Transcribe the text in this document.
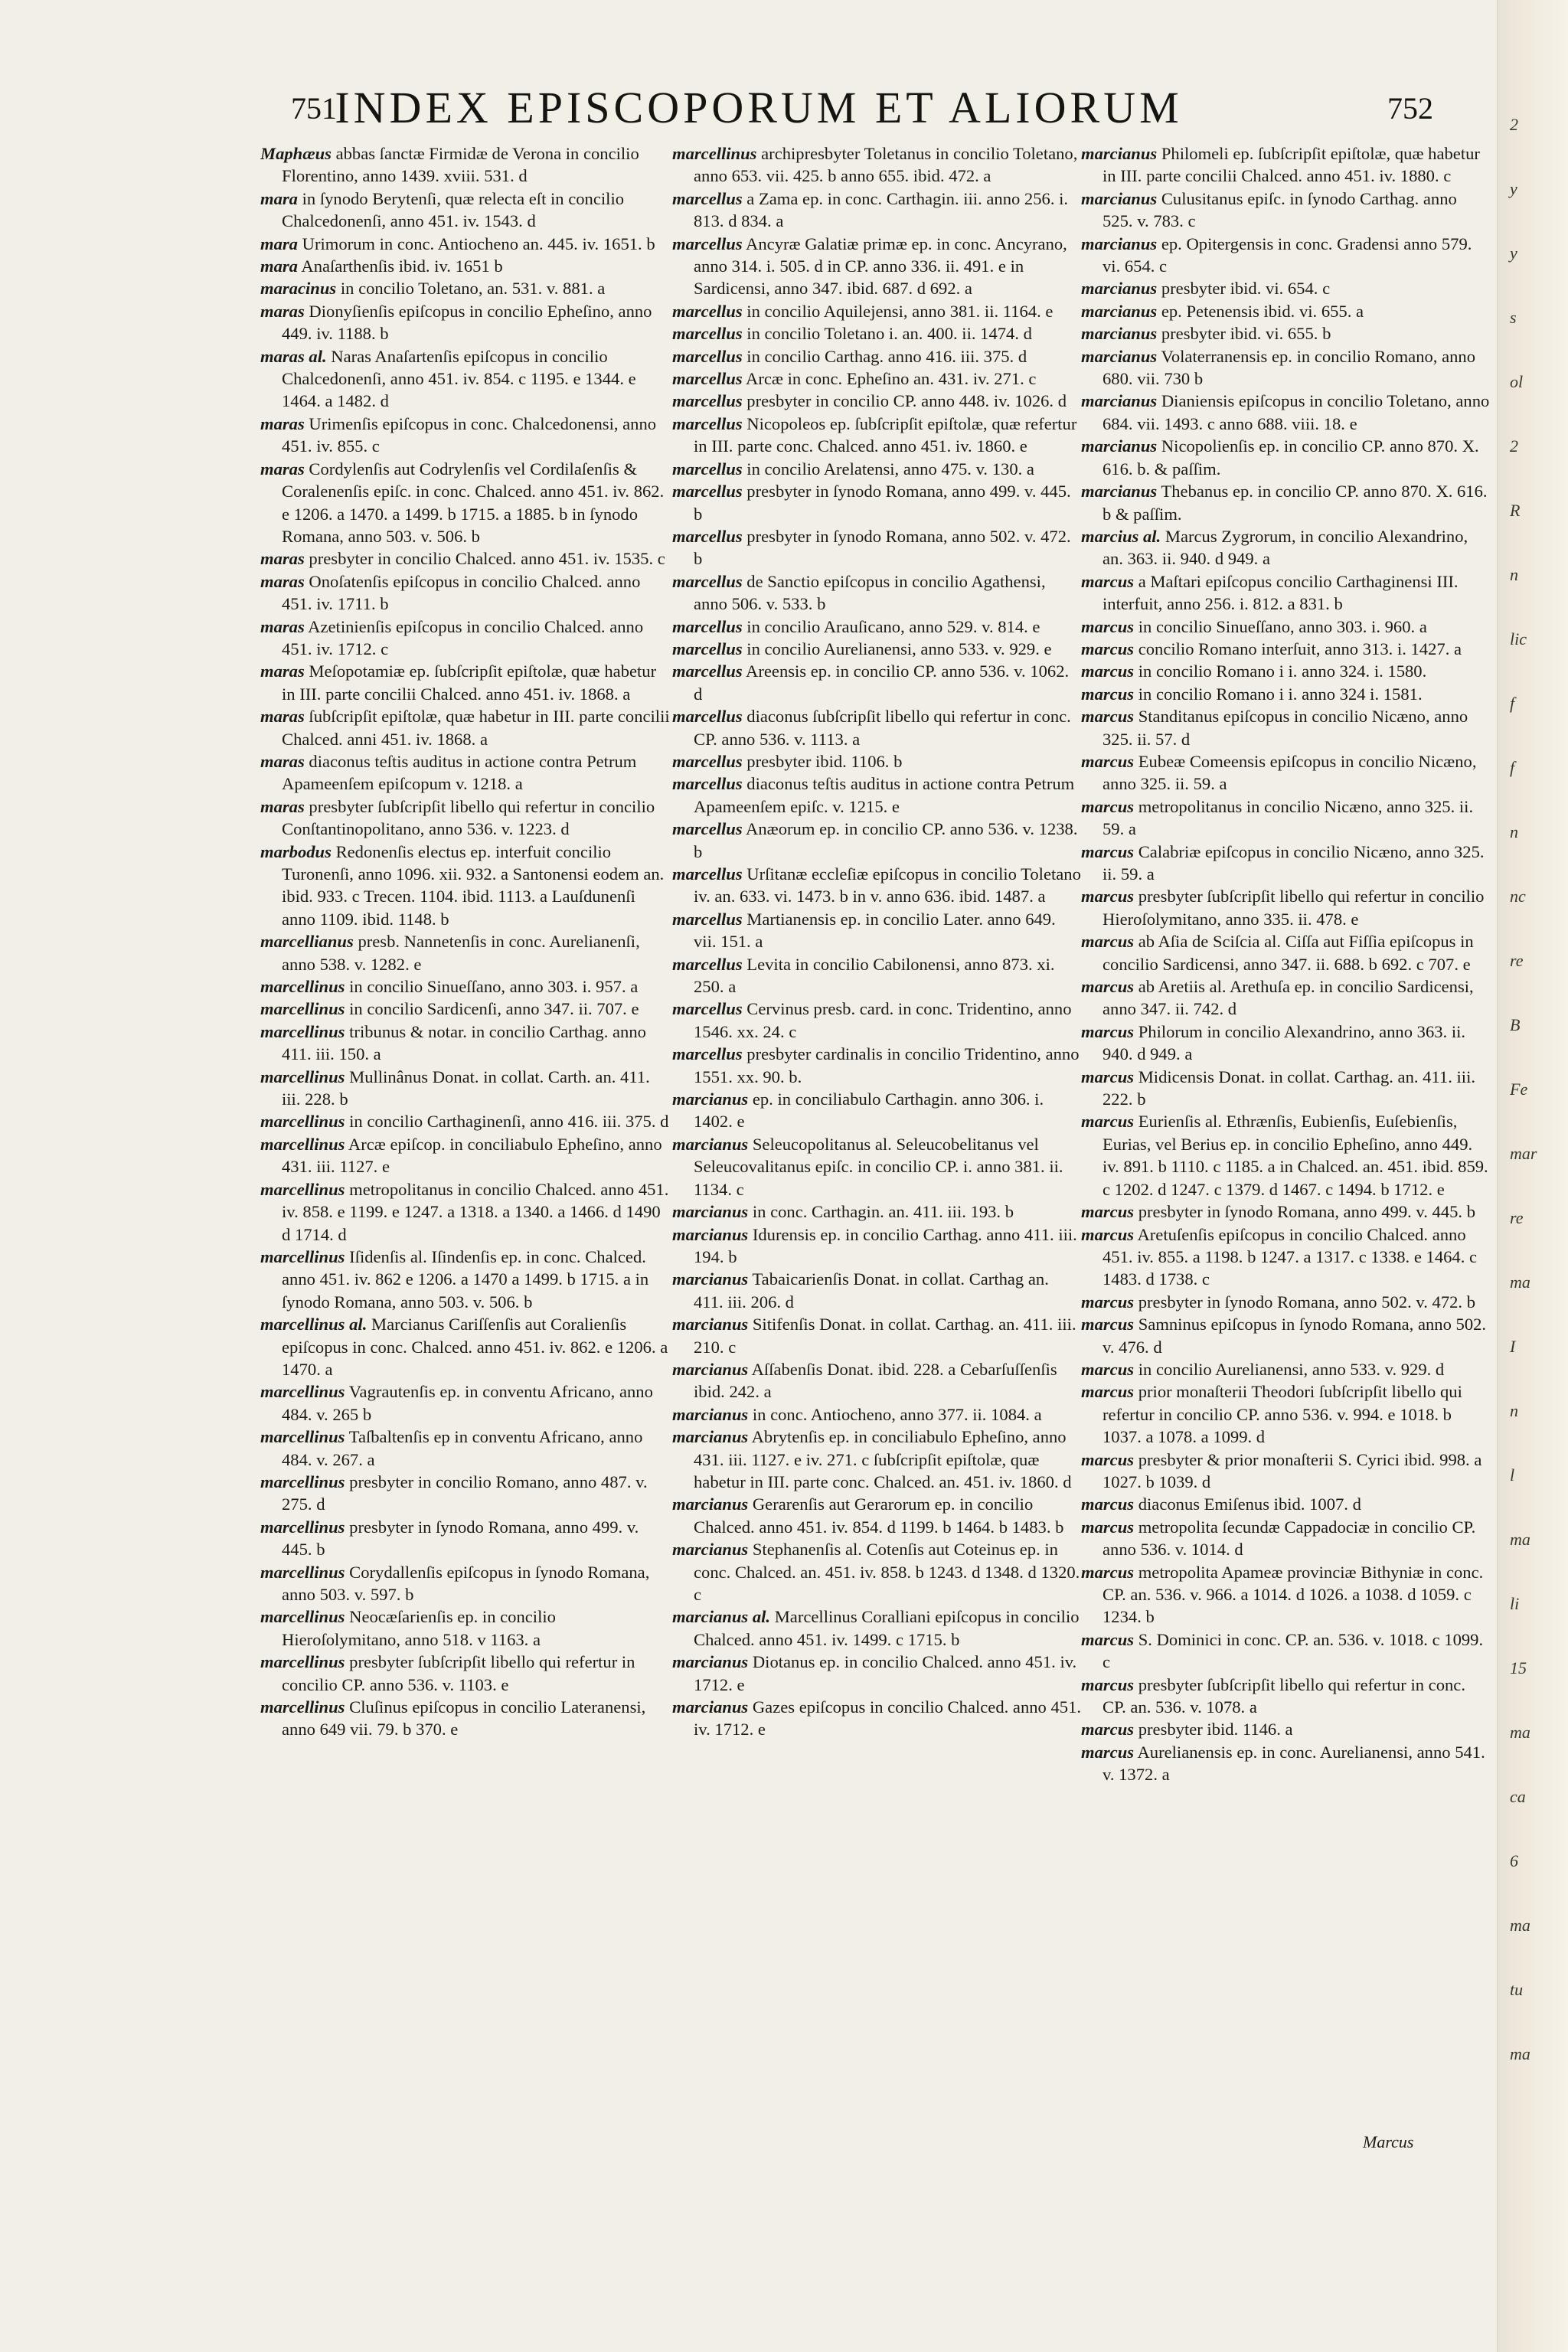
2
y
y
s
ol
2
R
n
lic
f
f
n
nc
re
B
Fe
mar
re
ma
I
n
l
ma
li
15
ma
ca
6
ma
tu
ma
751
INDEX EPISCOPORUM ET ALIORUM	752

Maphæus abbas ſanctæ Firmidæ de Verona in concilio Florentino, anno 1439. xviii. 531. d

mara in ſynodo Berytenſi, quæ relecta eſt in concilio Chalcedonenſi, anno 451. iv. 1543. d

mara Urimorum in conc. Antiocheno an. 445. iv. 1651. b

mara Anaſarthenſis ibid. iv. 1651 b

maracinus in concilio Toletano, an. 531. v. 881. a

maras Dionyſienſis epiſcopus in concilio Epheſino, anno 449. iv. 1188. b

maras al. Naras Anaſartenſis epiſcopus in concilio Chalcedonenſi, anno 451. iv. 854. c 1195. e 1344. e 1464. a 1482. d

maras Urimenſis epiſcopus in conc. Chalcedonensi, anno 451. iv. 855. c

maras Cordylenſis aut Codrylenſis vel Cordilaſenſis & Coralenenſis epiſc. in conc. Chalced. anno 451. iv. 862. e 1206. a 1470. a 1499. b 1715. a 1885. b in ſynodo Romana, anno 503. v. 506. b

maras presbyter in concilio Chalced. anno 451. iv. 1535. c

maras Onoſatenſis epiſcopus in concilio Chalced. anno 451. iv. 1711. b

maras Azetinienſis epiſcopus in concilio Chalced. anno 451. iv. 1712. c

maras Meſopotamiæ ep. ſubſcripſit epiſtolæ, quæ habetur in III. parte concilii Chalced. anno 451. iv. 1868. a

maras ſubſcripſit epiſtolæ, quæ habetur in III. parte concilii Chalced. anni 451. iv. 1868. a

maras diaconus teſtis auditus in actione contra Petrum Apameenſem epiſcopum v. 1218. a

maras presbyter ſubſcripſit libello qui refertur in concilio Conſtantinopolitano, anno 536. v. 1223. d

marbodus Redonenſis electus ep. interfuit concilio Turonenſi, anno 1096. xii. 932. a Santonensi eodem an. ibid. 933. c Trecen. 1104. ibid. 1113. a Lauſdunenſi anno 1109. ibid. 1148. b

marcellianus presb. Nannetenſis in conc. Aurelianenſi, anno 538. v. 1282. e

marcellinus in concilio Sinueſſano, anno 303. i. 957. a

marcellinus in concilio Sardicenſi, anno 347. ii. 707. e

marcellinus tribunus & notar. in concilio Carthag. anno 411. iii. 150. a

marcellinus Mullinânus Donat. in collat. Carth. an. 411. iii. 228. b

marcellinus in concilio Carthaginenſi, anno 416. iii. 375. d

marcellinus Arcæ epiſcop. in conciliabulo Epheſino, anno 431. iii. 1127. e

marcellinus metropolitanus in concilio Chalced. anno 451. iv. 858. e 1199. e 1247. a 1318. a 1340. a 1466. d 1490 d 1714. d

marcellinus Iſidenſis al. Iſindenſis ep. in conc. Chalced. anno 451. iv. 862 e 1206. a 1470 a 1499. b 1715. a in ſynodo Romana, anno 503. v. 506. b

marcellinus al. Marcianus Cariſſenſis aut Coralienſis epiſcopus in conc. Chalced. anno 451. iv. 862. e 1206. a 1470. a

marcellinus Vagrautenſis ep. in conventu Africano, anno 484. v. 265 b

marcellinus Taſbaltenſis ep in conventu Africano, anno 484. v. 267. a

marcellinus presbyter in concilio Romano, anno 487. v. 275. d

marcellinus presbyter in ſynodo Romana, anno 499. v. 445. b

marcellinus Corydallenſis epiſcopus in ſynodo Romana, anno 503. v. 597. b

marcellinus Neocæſarienſis ep. in concilio Hieroſolymitano, anno 518. v 1163. a

marcellinus presbyter ſubſcripſit libello qui refertur in concilio CP. anno 536. v. 1103. e

marcellinus Cluſinus epiſcopus in concilio Lateranensi, anno 649 vii. 79. b 370. e

marcellinus archipresbyter Toletanus in concilio Toletano, anno 653. vii. 425. b anno 655. ibid. 472. a

marcellus a Zama ep. in conc. Carthagin. iii. anno 256. i. 813. d 834. a

marcellus Ancyræ Galatiæ primæ ep. in conc. Ancyrano, anno 314. i. 505. d in CP. anno 336. ii. 491. e in Sardicensi, anno 347. ibid. 687. d 692. a

marcellus in concilio Aquilejensi, anno 381. ii. 1164. e

marcellus in concilio Toletano i. an. 400. ii. 1474. d

marcellus in concilio Carthag. anno 416. iii. 375. d

marcellus Arcæ in conc. Epheſino an. 431. iv. 271. c

marcellus presbyter in concilio CP. anno 448. iv. 1026. d

marcellus Nicopoleos ep. ſubſcripſit epiſtolæ, quæ refertur in III. parte conc. Chalced. anno 451. iv. 1860. e

marcellus in concilio Arelatensi, anno 475. v. 130. a

marcellus presbyter in ſynodo Romana, anno 499. v. 445. b

marcellus presbyter in ſynodo Romana, anno 502. v. 472. b

marcellus de Sanctio epiſcopus in concilio Agathensi, anno 506. v. 533. b

marcellus in concilio Arauſicano, anno 529. v. 814. e

marcellus in concilio Aurelianensi, anno 533. v. 929. e

marcellus Areensis ep. in concilio CP. anno 536. v. 1062. d

marcellus diaconus ſubſcripſit libello qui refertur in conc. CP. anno 536. v. 1113. a

marcellus presbyter ibid. 1106. b

marcellus diaconus teſtis auditus in actione contra Petrum Apameenſem epiſc. v. 1215. e

marcellus Anæorum ep. in concilio CP. anno 536. v. 1238. b

marcellus Urſitanæ eccleſiæ epiſcopus in concilio Toletano iv. an. 633. vi. 1473. b in v. anno 636. ibid. 1487. a

marcellus Martianensis ep. in concilio Later. anno 649. vii. 151. a

marcellus Levita in concilio Cabilonensi, anno 873. xi. 250. a

marcellus Cervinus presb. card. in conc. Tridentino, anno 1546. xx. 24. c

marcellus presbyter cardinalis in concilio Tridentino, anno 1551. xx. 90. b.

marcianus ep. in conciliabulo Carthagin. anno 306. i. 1402. e

marcianus Seleucopolitanus al. Seleucobelitanus vel Seleucovalitanus epiſc. in concilio CP. i. anno 381. ii. 1134. c

marcianus in conc. Carthagin. an. 411. iii. 193. b

marcianus Idurensis ep. in concilio Carthag. anno 411. iii. 194. b

marcianus Tabaicarienſis Donat. in collat. Carthag an. 411. iii. 206. d

marcianus Sitifenſis Donat. in collat. Carthag. an. 411. iii. 210. c

marcianus Aſſabenſis Donat. ibid. 228. a Cebarſuſſenſis ibid. 242. a

marcianus in conc. Antiocheno, anno 377. ii. 1084. a

marcianus Abrytenſis ep. in conciliabulo Epheſino, anno 431. iii. 1127. e iv. 271. c ſubſcripſit epiſtolæ, quæ habetur in III. parte conc. Chalced. an. 451. iv. 1860. d

marcianus Gerarenſis aut Gerarorum ep. in concilio Chalced. anno 451. iv. 854. d 1199. b 1464. b 1483. b

marcianus Stephanenſis al. Cotenſis aut Coteinus ep. in conc. Chalced. an. 451. iv. 858. b 1243. d 1348. d 1320. c

marcianus al. Marcellinus Coralliani epiſcopus in concilio Chalced. anno 451. iv. 1499. c 1715. b

marcianus Diotanus ep. in concilio Chalced. anno 451. iv. 1712. e

marcianus Gazes epiſcopus in concilio Chalced. anno 451. iv. 1712. e

marcianus Philomeli ep. ſubſcripſit epiſtolæ, quæ habetur in III. parte concilii Chalced. anno 451. iv. 1880. c

marcianus Culusitanus epiſc. in ſynodo Carthag. anno 525. v. 783. c

marcianus ep. Opitergensis in conc. Gradensi anno 579. vi. 654. c

marcianus presbyter ibid. vi. 654. c

marcianus ep. Petenensis ibid. vi. 655. a

marcianus presbyter ibid. vi. 655. b

marcianus Volaterranensis ep. in concilio Romano, anno 680. vii. 730 b

marcianus Dianiensis epiſcopus in concilio Toletano, anno 684. vii. 1493. c anno 688. viii. 18. e

marcianus Nicopolienſis ep. in concilio CP. anno 870. X. 616. b. & paſſim.

marcianus Thebanus ep. in concilio CP. anno 870. X. 616. b & paſſim.

marcius al. Marcus Zygrorum, in concilio Alexandrino, an. 363. ii. 940. d 949. a

marcus a Maſtari epiſcopus concilio Carthaginensi III. interfuit, anno 256. i. 812. a 831. b

marcus in concilio Sinueſſano, anno 303. i. 960. a

marcus concilio Romano interſuit, anno 313. i. 1427. a

marcus in concilio Romano i i. anno 324. i. 1580.

marcus in concilio Romano i i. anno 324 i. 1581.

marcus Standitanus epiſcopus in concilio Nicæno, anno 325. ii. 57. d

marcus Eubeæ Comeensis epiſcopus in concilio Nicæno, anno 325. ii. 59. a

marcus metropolitanus in concilio Nicæno, anno 325. ii. 59. a

marcus Calabriæ epiſcopus in concilio Nicæno, anno 325. ii. 59. a

marcus presbyter ſubſcripſit libello qui refertur in concilio Hieroſolymitano, anno 335. ii. 478. e

marcus ab Aſia de Sciſcia al. Ciſſa aut Fiſſia epiſcopus in concilio Sardicensi, anno 347. ii. 688. b 692. c 707. e

marcus ab Aretiis al. Arethuſa ep. in concilio Sardicensi, anno 347. ii. 742. d

marcus Philorum in concilio Alexandrino, anno 363. ii. 940. d 949. a

marcus Midicensis Donat. in collat. Carthag. an. 411. iii. 222. b

marcus Eurienſis al. Ethrænſis, Eubienſis, Euſebienſis, Eurias, vel Berius ep. in concilio Epheſino, anno 449. iv. 891. b 1110. c 1185. a in Chalced. an. 451. ibid. 859. c 1202. d 1247. c 1379. d 1467. c 1494. b 1712. e

marcus presbyter in ſynodo Romana, anno 499. v. 445. b

marcus Aretuſenſis epiſcopus in concilio Chalced. anno 451. iv. 855. a 1198. b 1247. a 1317. c 1338. e 1464. c 1483. d 1738. c

marcus presbyter in ſynodo Romana, anno 502. v. 472. b

marcus Samninus epiſcopus in ſynodo Romana, anno 502. v. 476. d

marcus in concilio Aurelianensi, anno 533. v. 929. d

marcus prior monaſterii Theodori ſubſcripſit libello qui refertur in concilio CP. anno 536. v. 994. e 1018. b 1037. a 1078. a 1099. d

marcus presbyter & prior monaſterii S. Cyrici ibid. 998. a 1027. b 1039. d

marcus diaconus Emiſenus ibid. 1007. d

marcus metropolita ſecundæ Cappadociæ in concilio CP. anno 536. v. 1014. d

marcus metropolita Apameæ provinciæ Bithyniæ in conc. CP. an. 536. v. 966. a 1014. d 1026. a 1038. d 1059. c 1234. b

marcus S. Dominici in conc. CP. an. 536. v. 1018. c 1099. c

marcus presbyter ſubſcripſit libello qui refertur in conc. CP. an. 536. v. 1078. a

marcus presbyter ibid. 1146. a

marcus Aurelianensis ep. in conc. Aurelianensi, anno 541. v. 1372. a

Marcus
